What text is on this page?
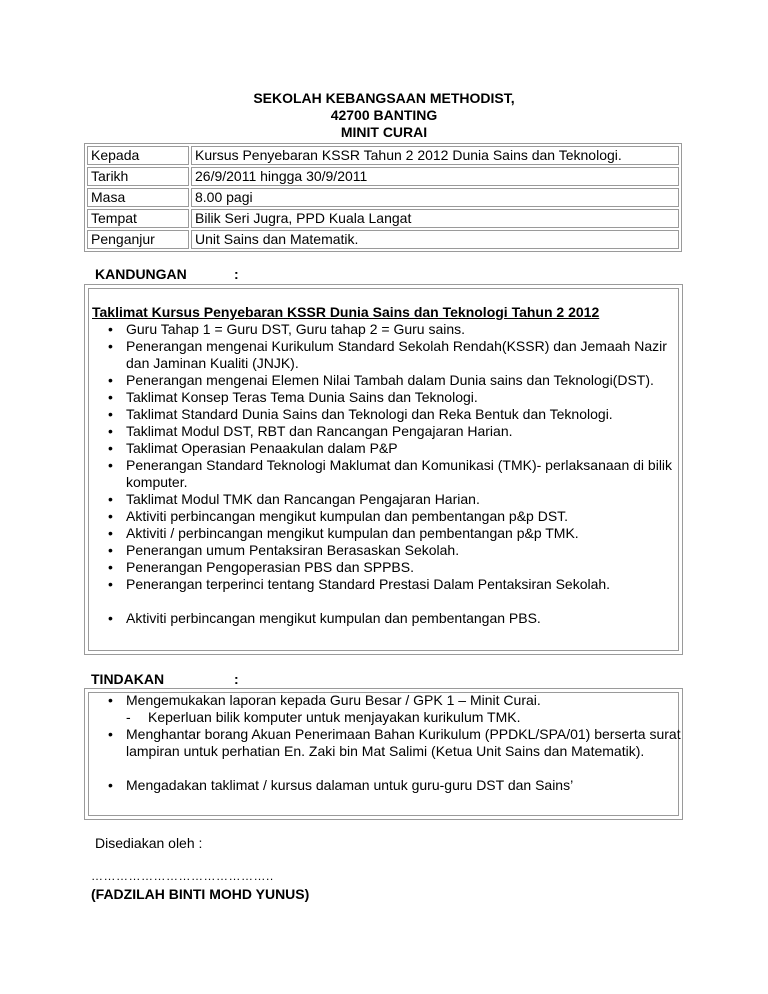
SEKOLAH KEBANGSAAN METHODIST,
42700 BANTING
MINIT CURAI
Kepada	Kursus Penyebaran KSSR Tahun 2 2012 Dunia Sains dan Teknologi.
Tarikh	26/9/2011 hingga 30/9/2011
Masa	8.00 pagi
Tempat	Bilik Seri Jugra, PPD Kuala Langat
Penganjur	Unit Sains dan Matematik.
KANDUNGAN	:
Taklimat Kursus Penyebaran KSSR Dunia Sains dan Teknologi Tahun 2 2012
• Guru Tahap 1 = Guru DST, Guru tahap 2 = Guru sains.
• Penerangan mengenai Kurikulum Standard Sekolah Rendah(KSSR) dan Jemaah Nazir dan Jaminan Kualiti (JNJK).
• Penerangan mengenai Elemen Nilai Tambah dalam Dunia sains dan Teknologi(DST).
• Taklimat Konsep Teras Tema Dunia Sains dan Teknologi.
• Taklimat Standard Dunia Sains dan Teknologi dan Reka Bentuk dan Teknologi.
• Taklimat Modul DST, RBT dan Rancangan Pengajaran Harian.
• Taklimat Operasian Penaakulan dalam P&P
• Penerangan Standard Teknologi Maklumat dan Komunikasi (TMK)- perlaksanaan di bilik komputer.
• Taklimat Modul TMK dan Rancangan Pengajaran Harian.
• Aktiviti perbincangan mengikut kumpulan dan pembentangan p&p DST.
• Aktiviti / perbincangan mengikut kumpulan dan pembentangan p&p TMK.
• Penerangan umum Pentaksiran Berasaskan Sekolah.
• Penerangan Pengoperasian PBS dan SPPBS.
• Penerangan terperinci tentang Standard Prestasi Dalam Pentaksiran Sekolah.
• Aktiviti perbincangan mengikut kumpulan dan pembentangan PBS.
TINDAKAN	:
• Mengemukakan laporan kepada Guru Besar / GPK 1 – Minit Curai.
- Keperluan bilik komputer untuk menjayakan kurikulum TMK.
• Menghantar borang Akuan Penerimaan Bahan Kurikulum (PPDKL/SPA/01) berserta surat lampiran untuk perhatian En. Zaki bin Mat Salimi (Ketua Unit Sains dan Matematik).
• Mengadakan taklimat / kursus dalaman untuk guru-guru DST dan Sains’
Disediakan oleh :
……………………………………..
(FADZILAH BINTI MOHD YUNUS)
